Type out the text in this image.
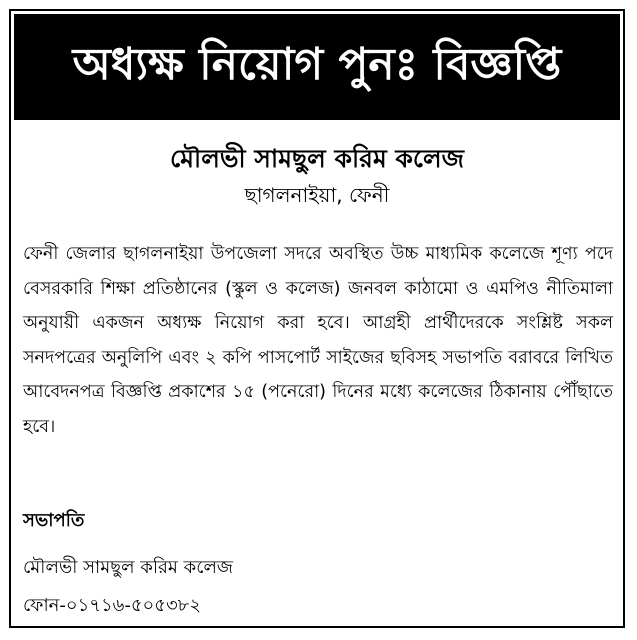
অধ্যক্ষ নিয়োগ পুনঃ বিজ্ঞপ্তি
মৌলভী সামছুল করিম কলেজ
ছাগলনাইয়া, ফেনী
ফেনী জেলার ছাগলনাইয়া উপজেলা সদরে অবস্থিত উচ্চ মাধ্যমিক কলেজে শূণ্য পদে বেসরকারি শিক্ষা প্রতিষ্ঠানের (স্কুল ও কলেজ) জনবল কাঠামো ও এমপিও নীতিমালা অনুযায়ী একজন অধ্যক্ষ নিয়োগ করা হবে। আগ্রহী প্রার্থীদেরকে সংশ্লিষ্ট সকল সনদপত্রের অনুলিপি এবং ২ কপি পাসপোর্ট সাইজের ছবিসহ সভাপতি বরাবরে লিখিত আবেদনপত্র বিজ্ঞপ্তি প্রকাশের ১৫ (পনেরো) দিনের মধ্যে কলেজের ঠিকানায় পৌঁছাতে হবে।
সভাপতি
মৌলভী সামছুল করিম কলেজ
ফোন-০১৭১৬-৫০৫৩৮২
